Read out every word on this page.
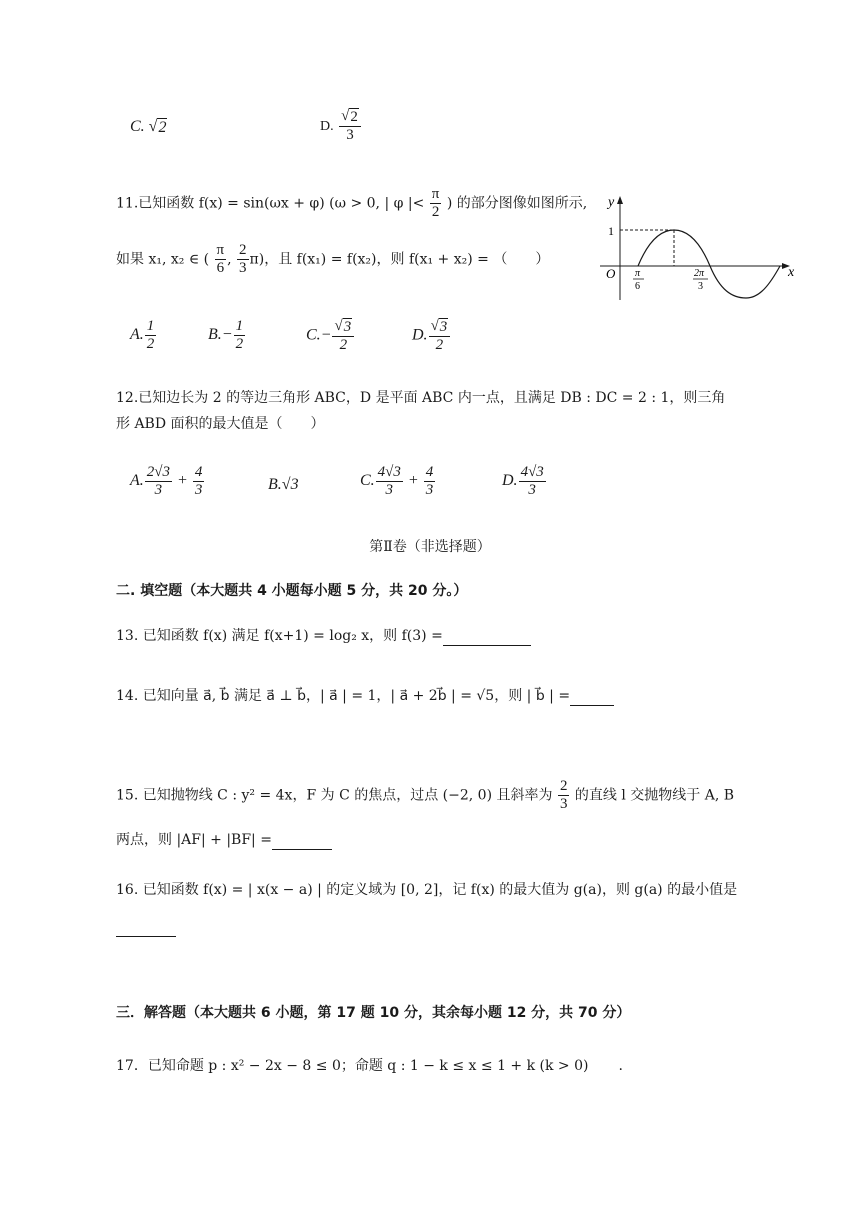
C. √ 2	D. $\frac{√ 2}{3}$
11.已知函数 f(x) = sin(ωx + φ) (ω > 0, | φ |< $\frac{\pi}{2}$ ) 的部分图像如图所示,
如果 x₁, x₂ ∈ ( $\frac{\pi}{6}$ , $\frac{2}{3} \pi$)，且 f(x₁) = f(x₂)，则 f(x₁ + x₂) = （　　）
A. $\frac{1}{2}$	$B.- \frac{1}{2}$	$C.- \frac{√ 3}{2}$	D. $\frac{√ 3}{2}$
y
x
O
1
π
6
2π
3
12.已知边长为 2 的等边三角形 ABC，D 是平面 ABC 内一点，且满足 DB : DC = 2 : 1，则三角
形 ABD 面积的最大值是（　　）
A. $\frac{2√3}{3} + \frac{4}{3}$	B.√3	C. $\frac{4√3}{3} + \frac{4}{3}$	D. $\frac{4√3}{3}$
第Ⅱ卷（非选择题）
二. 填空题（本大题共 4 小题每小题 5 分，共 20 分。）
13. 已知函数 f(x) 满足 f(x+1) = log₂ x，则 f(3) =
14. 已知向量 a⃗, b⃗ 满足 a⃗ ⊥ b⃗，| a⃗ | = 1，| a⃗ + 2b⃗ | = √5，则 | b⃗ | =
15. 已知抛物线 C : y² = 4x，F 为 C 的焦点，过点 (−2, 0) 且斜率为 $\frac{2}{3}$ 的直线 l 交抛物线于 A, B
两点，则 |AF| + |BF| =
16. 已知函数 f(x) = | x(x − a) | 的定义域为 [0, 2]，记 f(x) 的最大值为 g(a)，则 g(a) 的最小值是
三．解答题（本大题共 6 小题，第 17 题 10 分，其余每小题 12 分，共 70 分）
17．已知命题 p : x² − 2x − 8 ≤ 0；命题 q : 1 − k ≤ x ≤ 1 + k (k > 0) .
